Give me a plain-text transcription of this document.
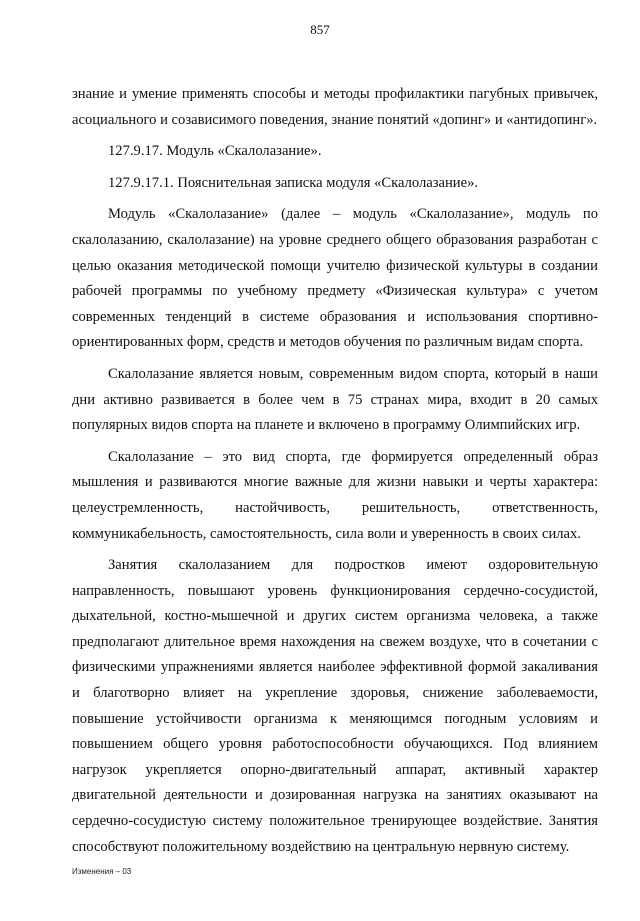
857

знание и умение применять способы и методы профилактики пагубных привычек, асоциального и созависимого поведения, знание понятий «допинг» и «антидопинг».

127.9.17. Модуль «Скалолазание».

127.9.17.1. Пояснительная записка модуля «Скалолазание».

Модуль «Скалолазание» (далее – модуль «Скалолазание», модуль по скалолазанию, скалолазание) на уровне среднего общего образования разработан с целью оказания методической помощи учителю физической культуры в создании рабочей программы по учебному предмету «Физическая культура» с учетом современных тенденций в системе образования и использования спортивно-ориентированных форм, средств и методов обучения по различным видам спорта.

Скалолазание является новым, современным видом спорта, который в наши дни активно развивается в более чем в 75 странах мира, входит в 20 самых популярных видов спорта на планете и включено в программу Олимпийских игр.

Скалолазание – это вид спорта, где формируется определенный образ мышления и развиваются многие важные для жизни навыки и черты характера: целеустремленность, настойчивость, решительность, ответственность, коммуникабельность, самостоятельность, сила воли и уверенность в своих силах.

Занятия скалолазанием для подростков имеют оздоровительную направленность, повышают уровень функционирования сердечно-сосудистой, дыхательной, костно-мышечной и других систем организма человека, а также предполагают длительное время нахождения на свежем воздухе, что в сочетании с физическими упражнениями является наиболее эффективной формой закаливания и благотворно влияет на укрепление здоровья, снижение заболеваемости, повышение устойчивости организма к меняющимся погодным условиям и повышением общего уровня работоспособности обучающихся. Под влиянием нагрузок укрепляется опорно-двигательный аппарат, активный характер двигательной деятельности и дозированная нагрузка на занятиях оказывают на сердечно-сосудистую систему положительное тренирующее воздействие. Занятия способствуют положительному воздействию на центральную нервную систему.

Изменения – 03
